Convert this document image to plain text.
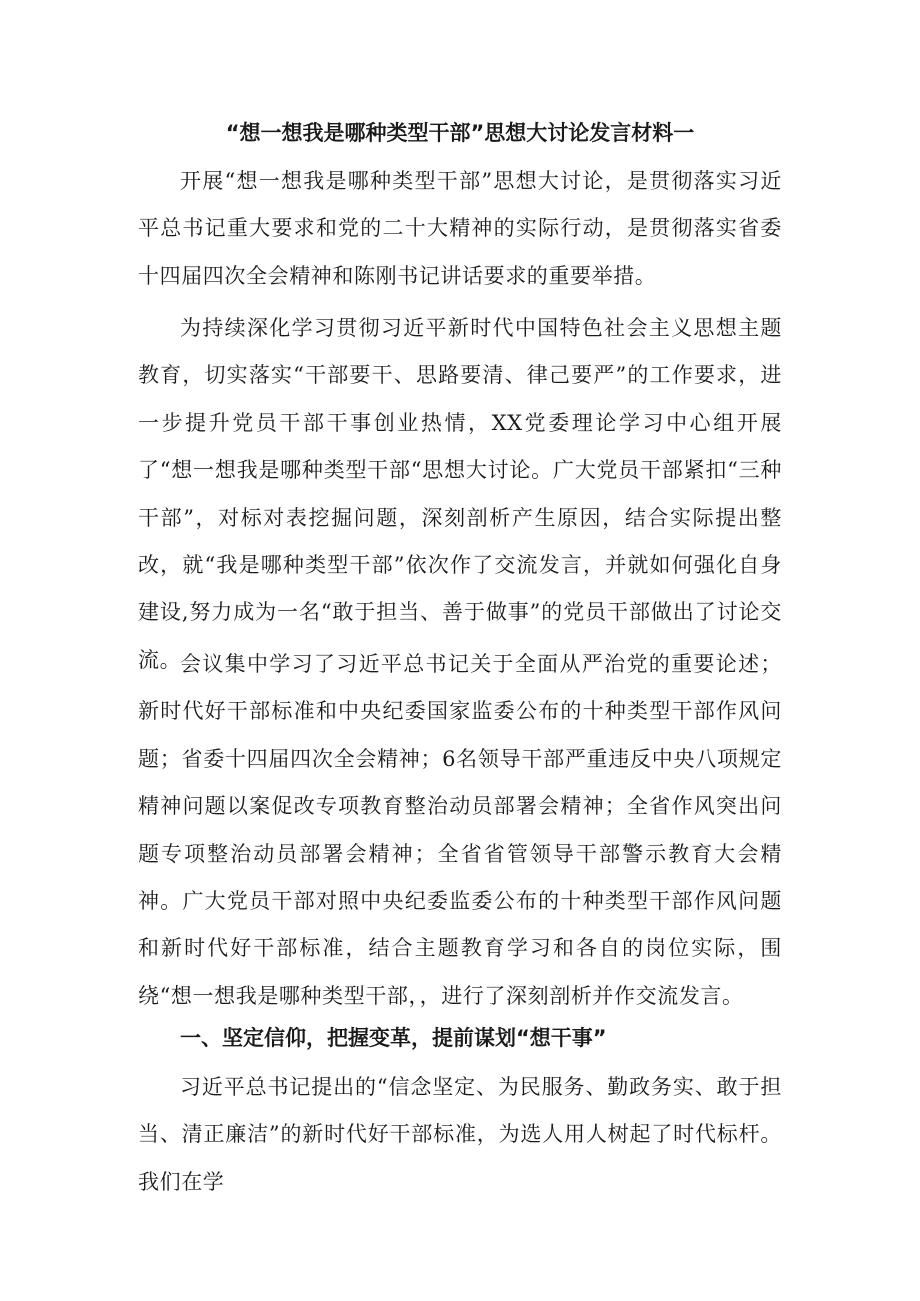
“想一想我是哪种类型干部”思想大讨论发言材料一

开展“想一想我是哪种类型干部”思想大讨论，是贯彻落实习近平总书记重大要求和党的二十大精神的实际行动，是贯彻落实省委十四届四次全会精神和陈刚书记讲话要求的重要举措。

为持续深化学习贯彻习近平新时代中国特色社会主义思想主题教育，切实落实“干部要干、思路要清、律己要严”的工作要求，进一步提升党员干部干事创业热情，XX党委理论学习中心组开展了“想一想我是哪种类型干部“思想大讨论。广大党员干部紧扣“三种干部”，对标对表挖掘问题，深刻剖析产生原因，结合实际提出整改，就“我是哪种类型干部”依次作了交流发言，并就如何强化自身建设,努力成为一名“敢于担当、善于做事”的党员干部做出了讨论交流。

会议集中学习了习近平总书记关于全面从严治党的重要论述；新时代好干部标准和中央纪委国家监委公布的十种类型干部作风问题；省委十四届四次全会精神；6名领导干部严重违反中央八项规定精神问题以案促改专项教育整治动员部署会精神；全省作风突出问题专项整治动员部署会精神；全省省管领导干部警示教育大会精神。广大党员干部对照中央纪委监委公布的十种类型干部作风问题和新时代好干部标准，结合主题教育学习和各自的岗位实际，围绕“想一想我是哪种类型干部，，进行了深刻剖析并作交流发言。

一、坚定信仰，把握变革，提前谋划“想干事”

习近平总书记提出的“信念坚定、为民服务、勤政务实、敢于担当、清正廉洁”的新时代好干部标准，为选人用人树起了时代标杆。我们在学
